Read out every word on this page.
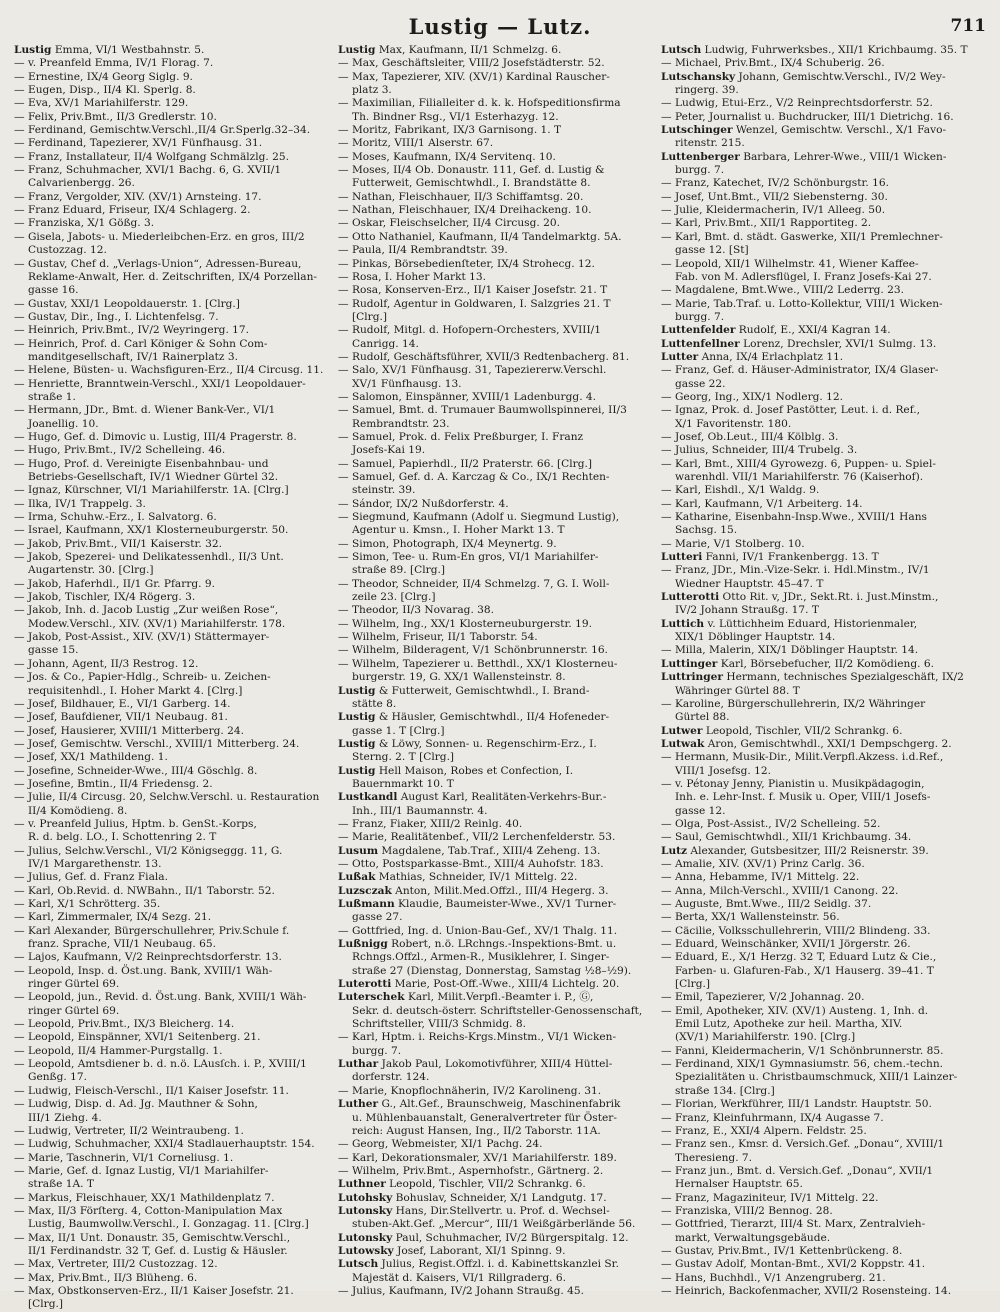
Lustig — Lutz.	711
Lustig Emma, VI/1 Westbahnstr. 5.
— v. Preanfeld Emma, IV/1 Florag. 7.
— Ernestine, IX/4 Georg Siglg. 9.
— Eugen, Disp., II/4 Kl. Sperlg. 8.
— Eva, XV/1 Mariahilferstr. 129.
— Felix, Priv.Bmt., II/3 Gredlerstr. 10.
— Ferdinand, Gemischtw.Verschl.,II/4 Gr.Sperlg.32–34.
— Ferdinand, Tapezierer, XV/1 Fünfhausg. 31.
— Franz, Installateur, II/4 Wolfgang Schmälzlg. 25.
— Franz, Schuhmacher, XVI/1 Bachg. 6, G. XVII/1
Calvarienbergg. 26.
— Franz, Vergolder, XIV. (XV/1) Arnsteing. 17.
— Franz Eduard, Friseur, IX/4 Schlagerg. 2.
— Franziska, X/1 Gößg. 3.
— Gisela, Jabots- u. Miederleibchen-Erz. en gros, III/2
Custozzag. 12.
— Gustav, Chef d. „Verlags-Union“, Adressen-Bureau,
Reklame-Anwalt, Her. d. Zeitschriften, IX/4 Porzellan-
gasse 16.
— Gustav, XXI/1 Leopoldauerstr. 1. [Clrg.]
— Gustav, Dir., Ing., I. Lichtenfelsg. 7.
— Heinrich, Priv.Bmt., IV/2 Weyringerg. 17.
— Heinrich, Prof. d. Carl Königer & Sohn Com-
manditgesellschaft, IV/1 Rainerplatz 3.
— Helene, Büsten- u. Wachsfiguren-Erz., II/4 Circusg. 11.
— Henriette, Branntwein-Verschl., XXI/1 Leopoldauer-
straße 1.
— Hermann, JDr., Bmt. d. Wiener Bank-Ver., VI/1
Joanellig. 10.
— Hugo, Gef. d. Dimovic u. Lustig, III/4 Pragerstr. 8.
— Hugo, Priv.Bmt., IV/2 Schelleing. 46.
— Hugo, Prof. d. Vereinigte Eisenbahnbau- und
Betriebs-Gesellschaft, IV/1 Wiedner Gürtel 32.
— Ignaz, Kürschner, VI/1 Mariahilferstr. 1A. [Clrg.]
— Ilka, IV/1 Trappelg. 3.
— Irma, Schuhw.-Erz., I. Salvatorg. 6.
— Israel, Kaufmann, XX/1 Klosterneuburgerstr. 50.
— Jakob, Priv.Bmt., VII/1 Kaiserstr. 32.
— Jakob, Spezerei- und Delikatessenhdl., II/3 Unt.
Augartenstr. 30. [Clrg.]
— Jakob, Haferhdl., II/1 Gr. Pfarrg. 9.
— Jakob, Tischler, IX/4 Rögerg. 3.
— Jakob, Inh. d. Jacob Lustig „Zur weißen Rose“,
Modew.Verschl., XIV. (XV/1) Mariahilferstr. 178.
— Jakob, Post-Assist., XIV. (XV/1) Stättermayer-
gasse 15.
— Johann, Agent, II/3 Restrog. 12.
— Jos. & Co., Papier-Hdlg., Schreib- u. Zeichen-
requisitenhdl., I. Hoher Markt 4. [Clrg.]
— Josef, Bildhauer, E., VI/1 Garberg. 14.
— Josef, Baufdiener, VII/1 Neubaug. 81.
— Josef, Hausierer, XVIII/1 Mitterberg. 24.
— Josef, Gemischtw. Verschl., XVIII/1 Mitterberg. 24.
— Josef, XX/1 Mathildeng. 1.
— Josefine, Schneider-Wwe., III/4 Göschlg. 8.
— Josefine, Bmtin., II/4 Friedensg. 2.
— Julie, II/4 Circusg. 20, Selchw.Verschl. u. Restauration
II/4 Komödieng. 8.
— v. Preanfeld Julius, Hptm. b. GenSt.-Korps,
R. d. belg. LO., I. Schottenring 2. T
— Julius, Selchw.Verschl., VI/2 Königseggg. 11, G.
IV/1 Margarethenstr. 13.
— Julius, Gef. d. Franz Fiala.
— Karl, Ob.Revid. d. NWBahn., II/1 Taborstr. 52.
— Karl, X/1 Schrötterg. 35.
— Karl, Zimmermaler, IX/4 Sezg. 21.
— Karl Alexander, Bürgerschullehrer, Priv.Schule f.
franz. Sprache, VII/1 Neubaug. 65.
— Lajos, Kaufmann, V/2 Reinprechtsdorferstr. 13.
— Leopold, Insp. d. Öst.ung. Bank, XVIII/1 Wäh-
ringer Gürtel 69.
— Leopold, jun., Revid. d. Öst.ung. Bank, XVIII/1 Wäh-
ringer Gürtel 69.
— Leopold, Priv.Bmt., IX/3 Bleicherg. 14.
— Leopold, Einspänner, XVI/1 Seitenberg. 21.
— Leopold, II/4 Hammer-Purgstallg. 1.
— Leopold, Amtsdiener b. d. n.ö. LAusſch. i. P., XVIII/1
Genßg. 17.
— Ludwig, Fleisch-Verschl., II/1 Kaiser Josefstr. 11.
— Ludwig, Disp. d. Ad. Jg. Mauthner & Sohn,
III/1 Ziehg. 4.
— Ludwig, Vertreter, II/2 Weintraubeng. 1.
— Ludwig, Schuhmacher, XXI/4 Stadlauerhauptstr. 154.
— Marie, Taschnerin, VI/1 Corneliusg. 1.
— Marie, Gef. d. Ignaz Lustig, VI/1 Mariahilfer-
straße 1A. T
— Markus, Fleischhauer, XX/1 Mathildenplatz 7.
— Max, II/3 Förſterg. 4, Cotton-Manipulation Max
Lustig, Baumwollw.Verschl., I. Gonzagag. 11. [Clrg.]
— Max, II/1 Unt. Donaustr. 35, Gemischtw.Verschl.,
II/1 Ferdinandstr. 32 T, Gef. d. Lustig & Häusler.
— Max, Vertreter, III/2 Custozzag. 12.
— Max, Priv.Bmt., II/3 Blüheng. 6.
— Max, Obstkonserven-Erz., II/1 Kaiser Josefstr. 21.
[Clrg.]
Lustig Max, Kaufmann, II/1 Schmelzg. 6.
— Max, Geschäftsleiter, VIII/2 Josefstädterstr. 52.
— Max, Tapezierer, XIV. (XV/1) Kardinal Rauscher-
platz 3.
— Maximilian, Filialleiter d. k. k. Hofspeditionsfirma
Th. Bindner Rsg., VI/1 Esterhazyg. 12.
— Moritz, Fabrikant, IX/3 Garnisong. 1. T
— Moritz, VIII/1 Alserstr. 67.
— Moses, Kaufmann, IX/4 Servitenq. 10.
— Moses, II/4 Ob. Donaustr. 111, Gef. d. Lustig &
Futterweit, Gemischtwhdl., I. Brandstätte 8.
— Nathan, Fleischhauer, II/3 Schiffamtsg. 20.
— Nathan, Fleischhauer, IX/4 Dreihackeng. 10.
— Oskar, Fleischselcher, II/4 Circusg. 20.
— Otto Nathaniel, Kaufmann, II/4 Tandelmarktg. 5A.
— Paula, II/4 Rembrandtstr. 39.
— Pinkas, Börsebedienſteter, IX/4 Strohecg. 12.
— Rosa, I. Hoher Markt 13.
— Rosa, Konserven-Erz., II/1 Kaiser Josefstr. 21. T
— Rudolf, Agentur in Goldwaren, I. Salzgries 21. T
[Clrg.]
— Rudolf, Mitgl. d. Hofopern-Orchesters, XVIII/1
Canrigg. 14.
— Rudolf, Geschäftsführer, XVII/3 Redtenbacherg. 81.
— Salo, XV/1 Fünfhausg. 31, Tapeziererw.Verschl.
XV/1 Fünfhausg. 13.
— Salomon, Einspänner, XVIII/1 Ladenburgg. 4.
— Samuel, Bmt. d. Trumauer Baumwollspinnerei, II/3
Rembrandtstr. 23.
— Samuel, Prok. d. Felix Preßburger, I. Franz
Josefs-Kai 19.
— Samuel, Papierhdl., II/2 Praterstr. 66. [Clrg.]
— Samuel, Gef. d. A. Karczag & Co., IX/1 Rechten-
steinstr. 39.
— Sándor, IX/2 Nußdorferstr. 4.
— Siegmund, Kaufmann (Adolf u. Siegmund Lustig),
Agentur u. Kmsn., I. Hoher Markt 13. T
— Simon, Photograph, IX/4 Meynertg. 9.
— Simon, Tee- u. Rum-En gros, VI/1 Mariahilfer-
straße 89. [Clrg.]
— Theodor, Schneider, II/4 Schmelzg. 7, G. I. Woll-
zeile 23. [Clrg.]
— Theodor, II/3 Novarag. 38.
— Wilhelm, Ing., XX/1 Klosterneuburgerstr. 19.
— Wilhelm, Friseur, II/1 Taborstr. 54.
— Wilhelm, Bilderagent, V/1 Schönbrunnerstr. 16.
— Wilhelm, Tapezierer u. Betthdl., XX/1 Klosterneu-
burgerstr. 19, G. XX/1 Wallensteinstr. 8.
Lustig & Futterweit, Gemischtwhdl., I. Brand-
stätte 8.
Lustig & Häusler, Gemischtwhdl., II/4 Hofeneder-
gasse 1. T [Clrg.]
Lustig & Löwy, Sonnen- u. Regenschirm-Erz., I.
Sterng. 2. T [Clrg.]
Lustig Hell Maison, Robes et Confection, I.
Bauernmarkt 10. T
Lustkandl August Karl, Realitäten-Verkehrs-Bur.-
Inh., III/1 Baumannstr. 4.
— Franz, Fiaker, XIII/2 Reinlg. 40.
— Marie, Realitätenbef., VII/2 Lerchenfelderstr. 53.
Lusum Magdalene, Tab.Traf., XIII/4 Zeheng. 13.
— Otto, Postsparkasse-Bmt., XIII/4 Auhofstr. 183.
Lußak Mathias, Schneider, IV/1 Mittelg. 22.
Luzsczak Anton, Milit.Med.Offzl., III/4 Hegerg. 3.
Lußmann Klaudie, Baumeister-Wwe., XV/1 Turner-
gasse 27.
— Gottfried, Ing. d. Union-Bau-Gef., XV/1 Thalg. 11.
Lußnigg Robert, n.ö. LRchngs.-Inspektions-Bmt. u.
Rchngs.Offzl., Armen-R., Musiklehrer, I. Singer-
straße 27 (Dienstag, Donnerstag, Samstag ½8–½9).
Luterotti Marie, Post-Off.-Wwe., XIII/4 Lichtelg. 20.
Luterschek Karl, Milit.Verpfl.-Beamter i. P., Ⓖ,
Sekr. d. deutsch-österr. Schriftsteller-Genossenschaft,
Schriftsteller, VIII/3 Schmidg. 8.
— Karl, Hptm. i. Reichs-Krgs.Minstm., VI/1 Wicken-
burgg. 7.
Luthar Jakob Paul, Lokomotivführer, XIII/4 Hüttel-
dorferstr. 124.
— Marie, Knopflochnäherin, IV/2 Karolineng. 31.
Luther G., Alt.Gef., Braunschweig, Maschinenfabrik
u. Mühlenbauanstalt, Generalvertreter für Öster-
reich: August Hansen, Ing., II/2 Taborstr. 11A.
— Georg, Webmeister, XI/1 Pachg. 24.
— Karl, Dekorationsmaler, XV/1 Mariahilferstr. 189.
— Wilhelm, Priv.Bmt., Aspernhofstr., Gärtnerg. 2.
Luthner Leopold, Tischler, VII/2 Schrankg. 6.
Lutohsky Bohuslav, Schneider, X/1 Landgutg. 17.
Lutonsky Hans, Dir.Stellvertr. u. Prof. d. Wechsel-
stuben-Akt.Gef. „Mercur“, III/1 Weißgärberlände 56.
Lutonsky Paul, Schuhmacher, IV/2 Bürgerspitalg. 12.
Lutowsky Josef, Laborant, XI/1 Spinng. 9.
Lutsch Julius, Regist.Offzl. i. d. Kabinettskanzlei Sr.
Majestät d. Kaisers, VI/1 Rillgraderg. 6.
— Julius, Kaufmann, IV/2 Johann Straußg. 45.
Lutsch Ludwig, Fuhrwerksbes., XII/1 Krichbaumg. 35. T
— Michael, Priv.Bmt., IX/4 Schuberig. 26.
Lutschansky Johann, Gemischtw.Verschl., IV/2 Wey-
ringerg. 39.
— Ludwig, Etui-Erz., V/2 Reinprechtsdorferstr. 52.
— Peter, Journalist u. Buchdrucker, III/1 Dietrichg. 16.
Lutschinger Wenzel, Gemischtw. Verschl., X/1 Favo-
ritenstr. 215.
Luttenberger Barbara, Lehrer-Wwe., VIII/1 Wicken-
burgg. 7.
— Franz, Katechet, IV/2 Schönburgstr. 16.
— Josef, Unt.Bmt., VII/2 Siebensterng. 30.
— Julie, Kleidermacherin, IV/1 Alleeg. 50.
— Karl, Priv.Bmt., XII/1 Rapportiteg. 2.
— Karl, Bmt. d. städt. Gaswerke, XII/1 Premlechner-
gasse 12. [St]
— Leopold, XII/1 Wilhelmstr. 41, Wiener Kaffee-
Fab. von M. Adlersflügel, I. Franz Josefs-Kai 27.
— Magdalene, Bmt.Wwe., VIII/2 Lederrg. 23.
— Marie, Tab.Traf. u. Lotto-Kollektur, VIII/1 Wicken-
burgg. 7.
Luttenfelder Rudolf, E., XXI/4 Kagran 14.
Luttenfellner Lorenz, Drechsler, XVI/1 Sulmg. 13.
Lutter Anna, IX/4 Erlachplatz 11.
— Franz, Gef. d. Häuser-Administrator, IX/4 Glaser-
gasse 22.
— Georg, Ing., XIX/1 Nodlerg. 12.
— Ignaz, Prok. d. Josef Pastötter, Leut. i. d. Ref.,
X/1 Favoritenstr. 180.
— Josef, Ob.Leut., III/4 Kölblg. 3.
— Julius, Schneider, III/4 Trubelg. 3.
— Karl, Bmt., XIII/4 Gyrowezg. 6, Puppen- u. Spiel-
warenhdl. VII/1 Mariahilferstr. 76 (Kaiserhof).
— Karl, Eishdl., X/1 Waldg. 9.
— Karl, Kaufmann, V/1 Arbeiterg. 14.
— Katharine, Eisenbahn-Insp.Wwe., XVIII/1 Hans
Sachsg. 15.
— Marie, V/1 Stolberg. 10.
Lutteri Fanni, IV/1 Frankenbergg. 13. T
— Franz, JDr., Min.-Vize-Sekr. i. Hdl.Minstm., IV/1
Wiedner Hauptstr. 45–47. T
Lutterotti Otto Rit. v, JDr., Sekt.Rt. i. Just.Minstm.,
IV/2 Johann Straußg. 17. T
Luttich v. Lüttichheim Eduard, Historienmaler,
XIX/1 Döblinger Hauptstr. 14.
— Milla, Malerin, XIX/1 Döblinger Hauptstr. 14.
Luttinger Karl, Börsebefucher, II/2 Komödieng. 6.
Luttringer Hermann, technisches Spezialgeschäft, IX/2
Währinger Gürtel 88. T
— Karoline, Bürgerschullehrerin, IX/2 Währinger
Gürtel 88.
Lutwer Leopold, Tischler, VII/2 Schrankg. 6.
Lutwak Aron, Gemischtwhdl., XXI/1 Dempschgerg. 2.
— Hermann, Musik-Dir., Milit.Verpfl.Akzess. i.d.Ref.,
VIII/1 Josefsg. 12.
— v. Pétonay Jenny, Pianistin u. Musikpädagogin,
Inh. e. Lehr-Inst. f. Musik u. Oper, VIII/1 Josefs-
gasse 12.
— Olga, Post-Assist., IV/2 Schelleing. 52.
— Saul, Gemischtwhdl., XII/1 Krichbaumg. 34.
Lutz Alexander, Gutsbesitzer, III/2 Reisnerstr. 39.
— Amalie, XIV. (XV/1) Prinz Carlg. 36.
— Anna, Hebamme, IV/1 Mittelg. 22.
— Anna, Milch-Verschl., XVIII/1 Canong. 22.
— Auguste, Bmt.Wwe., III/2 Seidlg. 37.
— Berta, XX/1 Wallensteinstr. 56.
— Cäcilie, Volksschullehrerin, VIII/2 Blindeng. 33.
— Eduard, Weinschänker, XVII/1 Jörgerstr. 26.
— Eduard, E., X/1 Herzg. 32 T, Eduard Lutz & Cie.,
Farben- u. Glafuren-Fab., X/1 Hauserg. 39–41. T
[Clrg.]
— Emil, Tapezierer, V/2 Johannag. 20.
— Emil, Apotheker, XIV. (XV/1) Austeng. 1, Inh. d.
Emil Lutz, Apotheke zur heil. Martha, XIV.
(XV/1) Mariahilferstr. 190. [Clrg.]
— Fanni, Kleidermacherin, V/1 Schönbrunnerstr. 85.
— Ferdinand, XIX/1 Gymnasiumstr. 56, chem.-techn.
Spezialitäten u. Christbaumschmuck, XIII/1 Lainzer-
straße 134. [Clrg.]
— Florian, Werkführer, III/1 Landstr. Hauptstr. 50.
— Franz, Kleinfuhrmann, IX/4 Augasse 7.
— Franz, E., XXI/4 Alpern. Feldstr. 25.
— Franz sen., Kmsr. d. Versich.Gef. „Donau“, XVIII/1
Theresieng. 7.
— Franz jun., Bmt. d. Versich.Gef. „Donau“, XVII/1
Hernalser Hauptstr. 65.
— Franz, Magaziniteur, IV/1 Mittelg. 22.
— Franziska, VIII/2 Bennog. 28.
— Gottfried, Tierarzt, III/4 St. Marx, Zentralvieh-
markt, Verwaltungsgebäude.
— Gustav, Priv.Bmt., IV/1 Kettenbrückeng. 8.
— Gustav Adolf, Montan-Bmt., XVI/2 Koppstr. 41.
— Hans, Buchhdl., V/1 Anzengruberg. 21.
— Heinrich, Backofenmacher, XVII/2 Rosensteing. 14.
